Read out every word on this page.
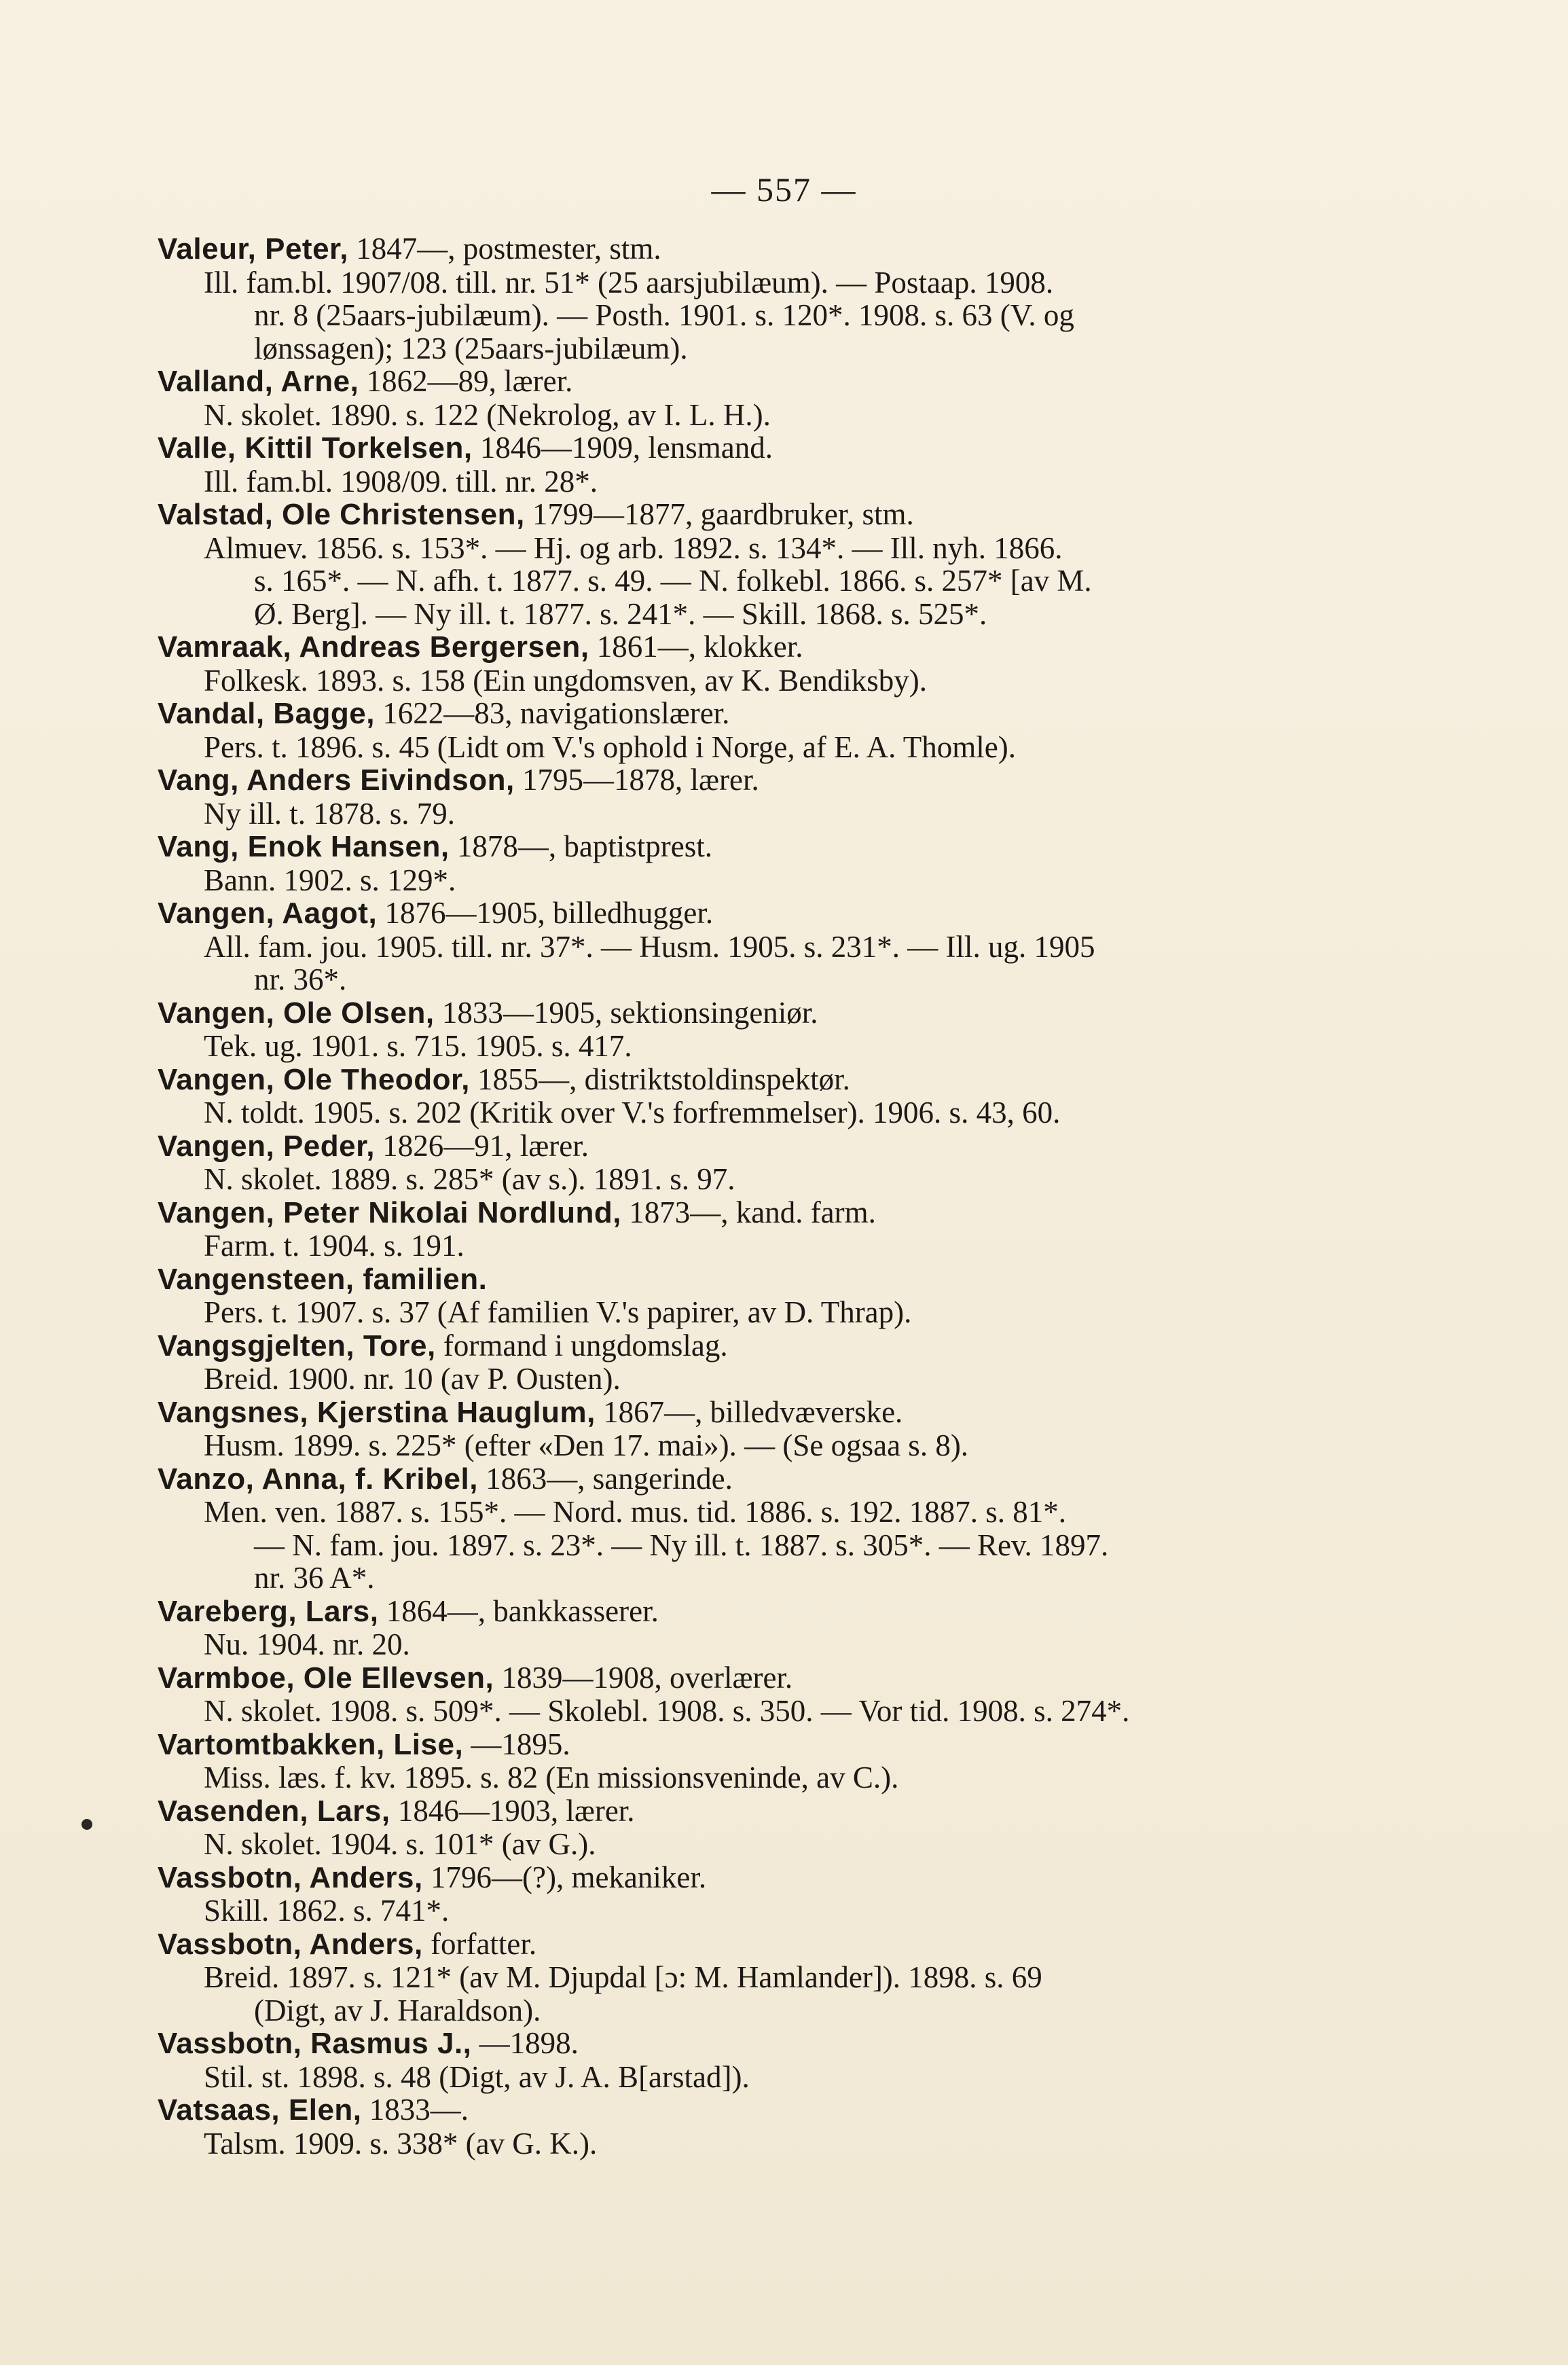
— 557 —
Valeur, Peter, 1847—, postmester, stm.
Ill. fam.bl. 1907/08. till. nr. 51* (25 aarsjubilæum). — Postaap. 1908.
nr. 8 (25aars-jubilæum). — Posth. 1901. s. 120*. 1908. s. 63 (V. og
lønssagen); 123 (25aars-jubilæum).
Valland, Arne, 1862—89, lærer.
N. skolet. 1890. s. 122 (Nekrolog, av I. L. H.).
Valle, Kittil Torkelsen, 1846—1909, lensmand.
Ill. fam.bl. 1908/09. till. nr. 28*.
Valstad, Ole Christensen, 1799—1877, gaardbruker, stm.
Almuev. 1856. s. 153*. — Hj. og arb. 1892. s. 134*. — Ill. nyh. 1866.
s. 165*. — N. afh. t. 1877. s. 49. — N. folkebl. 1866. s. 257* [av M.
Ø. Berg]. — Ny ill. t. 1877. s. 241*. — Skill. 1868. s. 525*.
Vamraak, Andreas Bergersen, 1861—, klokker.
Folkesk. 1893. s. 158 (Ein ungdomsven, av K. Bendiksby).
Vandal, Bagge, 1622—83, navigationslærer.
Pers. t. 1896. s. 45 (Lidt om V.'s ophold i Norge, af E. A. Thomle).
Vang, Anders Eivindson, 1795—1878, lærer.
Ny ill. t. 1878. s. 79.
Vang, Enok Hansen, 1878—, baptistprest.
Bann. 1902. s. 129*.
Vangen, Aagot, 1876—1905, billedhugger.
All. fam. jou. 1905. till. nr. 37*. — Husm. 1905. s. 231*. — Ill. ug. 1905
nr. 36*.
Vangen, Ole Olsen, 1833—1905, sektionsingeniør.
Tek. ug. 1901. s. 715. 1905. s. 417.
Vangen, Ole Theodor, 1855—, distriktstoldinspektør.
N. toldt. 1905. s. 202 (Kritik over V.'s forfremmelser). 1906. s. 43, 60.
Vangen, Peder, 1826—91, lærer.
N. skolet. 1889. s. 285* (av s.). 1891. s. 97.
Vangen, Peter Nikolai Nordlund, 1873—, kand. farm.
Farm. t. 1904. s. 191.
Vangensteen, familien.
Pers. t. 1907. s. 37 (Af familien V.'s papirer, av D. Thrap).
Vangsgjelten, Tore, formand i ungdomslag.
Breid. 1900. nr. 10 (av P. Ousten).
Vangsnes, Kjerstina Hauglum, 1867—, billedvæverske.
Husm. 1899. s. 225* (efter «Den 17. mai»). — (Se ogsaa s. 8).
Vanzo, Anna, f. Kribel, 1863—, sangerinde.
Men. ven. 1887. s. 155*. — Nord. mus. tid. 1886. s. 192. 1887. s. 81*.
— N. fam. jou. 1897. s. 23*. — Ny ill. t. 1887. s. 305*. — Rev. 1897.
nr. 36 A*.
Vareberg, Lars, 1864—, bankkasserer.
Nu. 1904. nr. 20.
Varmboe, Ole Ellevsen, 1839—1908, overlærer.
N. skolet. 1908. s. 509*. — Skolebl. 1908. s. 350. — Vor tid. 1908. s. 274*.
Vartomtbakken, Lise, —1895.
Miss. læs. f. kv. 1895. s. 82 (En missionsveninde, av C.).
Vasenden, Lars, 1846—1903, lærer.
N. skolet. 1904. s. 101* (av G.).
Vassbotn, Anders, 1796—(?), mekaniker.
Skill. 1862. s. 741*.
Vassbotn, Anders, forfatter.
Breid. 1897. s. 121* (av M. Djupdal [ɔ: M. Hamlander]). 1898. s. 69
(Digt, av J. Haraldson).
Vassbotn, Rasmus J., —1898.
Stil. st. 1898. s. 48 (Digt, av J. A. B[arstad]).
Vatsaas, Elen, 1833—.
Talsm. 1909. s. 338* (av G. K.).
